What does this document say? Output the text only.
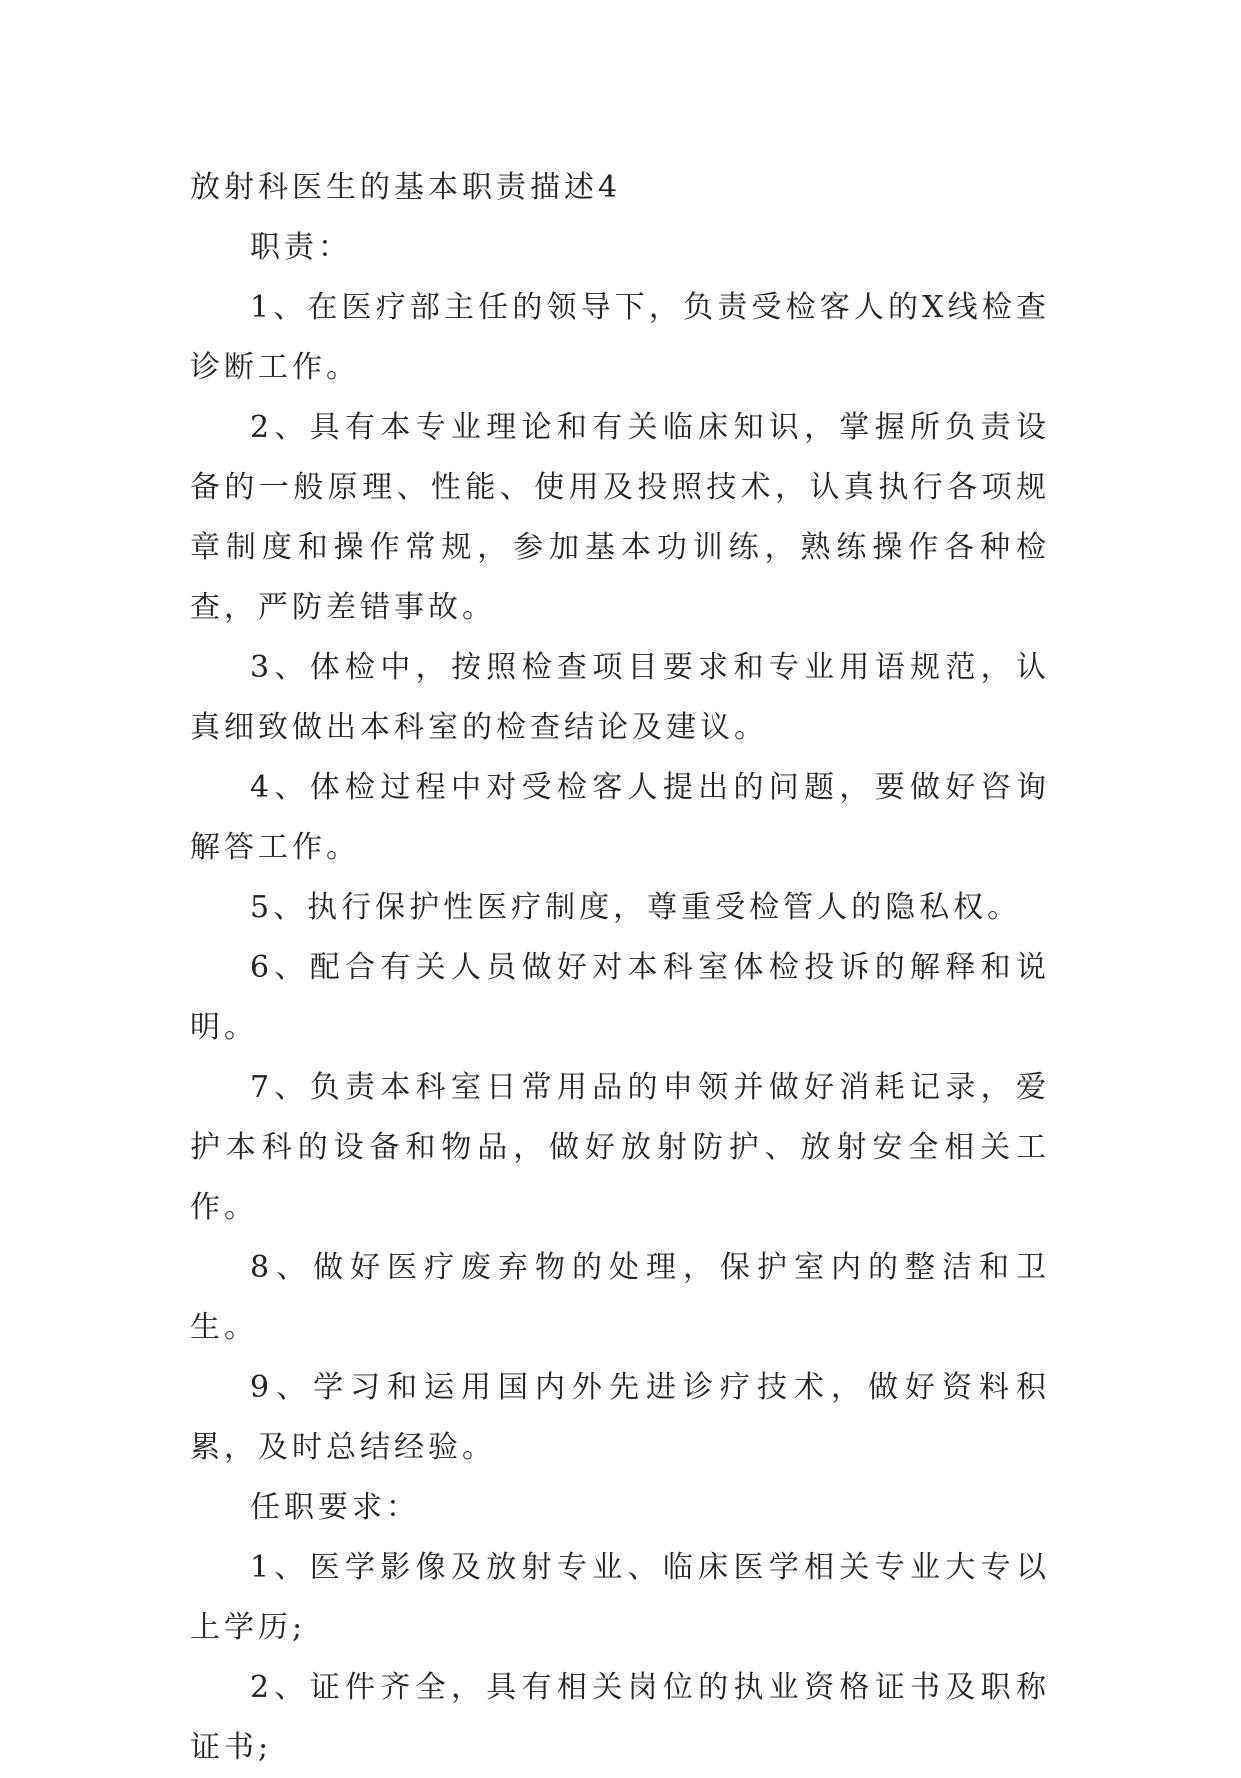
放射科医生的基本职责描述4

职责：

1、在医疗部主任的领导下，负责受检客人的X线检查诊断工作。

2、具有本专业理论和有关临床知识，掌握所负责设备的一般原理、性能、使用及投照技术，认真执行各项规章制度和操作常规，参加基本功训练，熟练操作各种检查，严防差错事故。

3、体检中，按照检查项目要求和专业用语规范，认真细致做出本科室的检查结论及建议。

4、体检过程中对受检客人提出的问题，要做好咨询解答工作。

5、执行保护性医疗制度，尊重受检管人的隐私权。

6、配合有关人员做好对本科室体检投诉的解释和说明。

7、负责本科室日常用品的申领并做好消耗记录，爱护本科的设备和物品，做好放射防护、放射安全相关工作。

8、做好医疗废弃物的处理，保护室内的整洁和卫生。

9、学习和运用国内外先进诊疗技术，做好资料积累，及时总结经验。

任职要求：

1、医学影像及放射专业、临床医学相关专业大专以上学历;

2、证件齐全，具有相关岗位的执业资格证书及职称证书;
